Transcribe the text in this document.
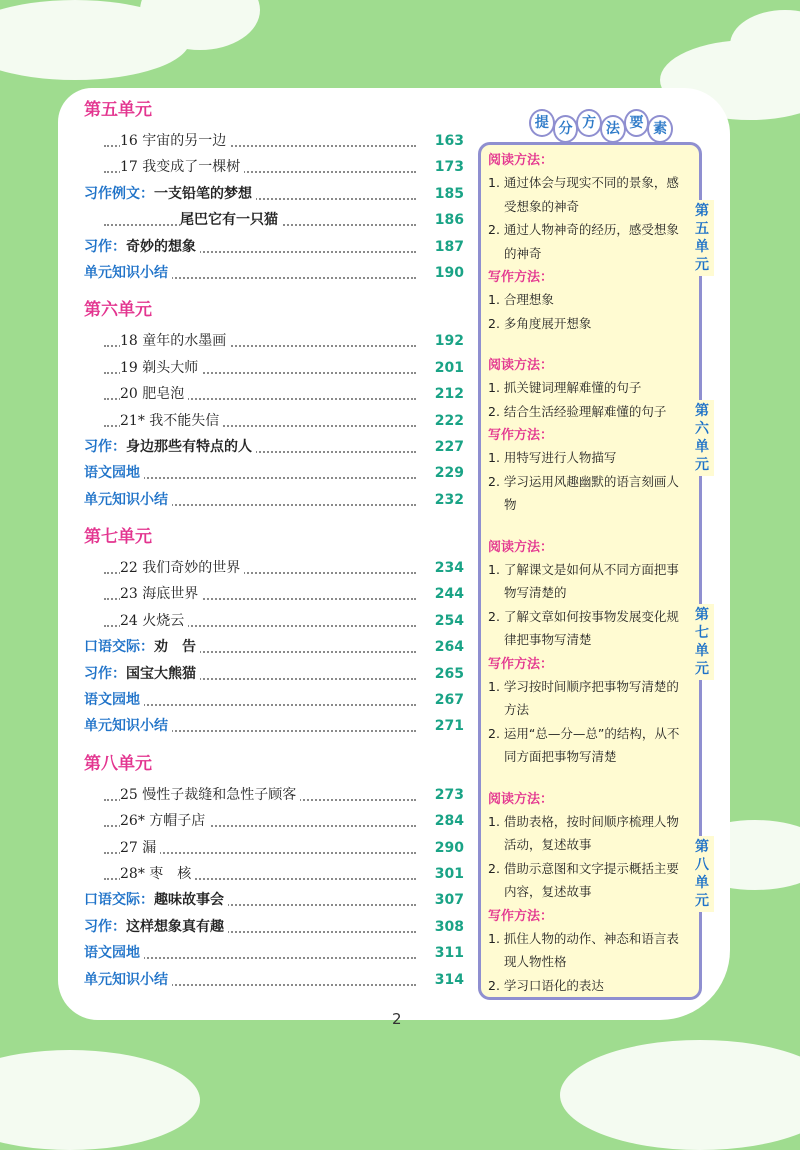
第五单元
16 宇宙的另一边	163
17 我变成了一棵树	173
习作例文：一支铅笔的梦想	185
尾巴它有一只猫	186
习作：奇妙的想象	187
单元知识小结	190
第六单元
18 童年的水墨画	192
19 剃头大师	201
20 肥皂泡	212
21* 我不能失信	222
习作：身边那些有特点的人	227
语文园地	229
单元知识小结	232
第七单元
22 我们奇妙的世界	234
23 海底世界	244
24 火烧云	254
口语交际：劝　告	264
习作：国宝大熊猫	265
语文园地	267
单元知识小结	271
第八单元
25 慢性子裁缝和急性子顾客	273
26* 方帽子店	284
27 漏	290
28* 枣　核	301
口语交际：趣味故事会	307
习作：这样想象真有趣	308
语文园地	311
单元知识小结	314
提 分 方 法 要 素
阅读方法：
1. 通过体会与现实不同的景象，感受想象的神奇
2. 通过人物神奇的经历，感受想象的神奇
写作方法：
1. 合理想象
2. 多角度展开想象
阅读方法：
1. 抓关键词理解难懂的句子
2. 结合生活经验理解难懂的句子
写作方法：
1. 用特写进行人物描写
2. 学习运用风趣幽默的语言刻画人物
阅读方法：
1. 了解课文是如何从不同方面把事物写清楚的
2. 了解文章如何按事物发展变化规律把事物写清楚
写作方法：
1. 学习按时间顺序把事物写清楚的方法
2. 运用“总—分—总”的结构，从不同方面把事物写清楚
阅读方法：
1. 借助表格，按时间顺序梳理人物活动，复述故事
2. 借助示意图和文字提示概括主要内容，复述故事
写作方法：
1. 抓住人物的动作、神态和语言表现人物性格
2. 学习口语化的表达
第
五
单
元
第
六
单
元
第
七
单
元
第
八
单
元
2
